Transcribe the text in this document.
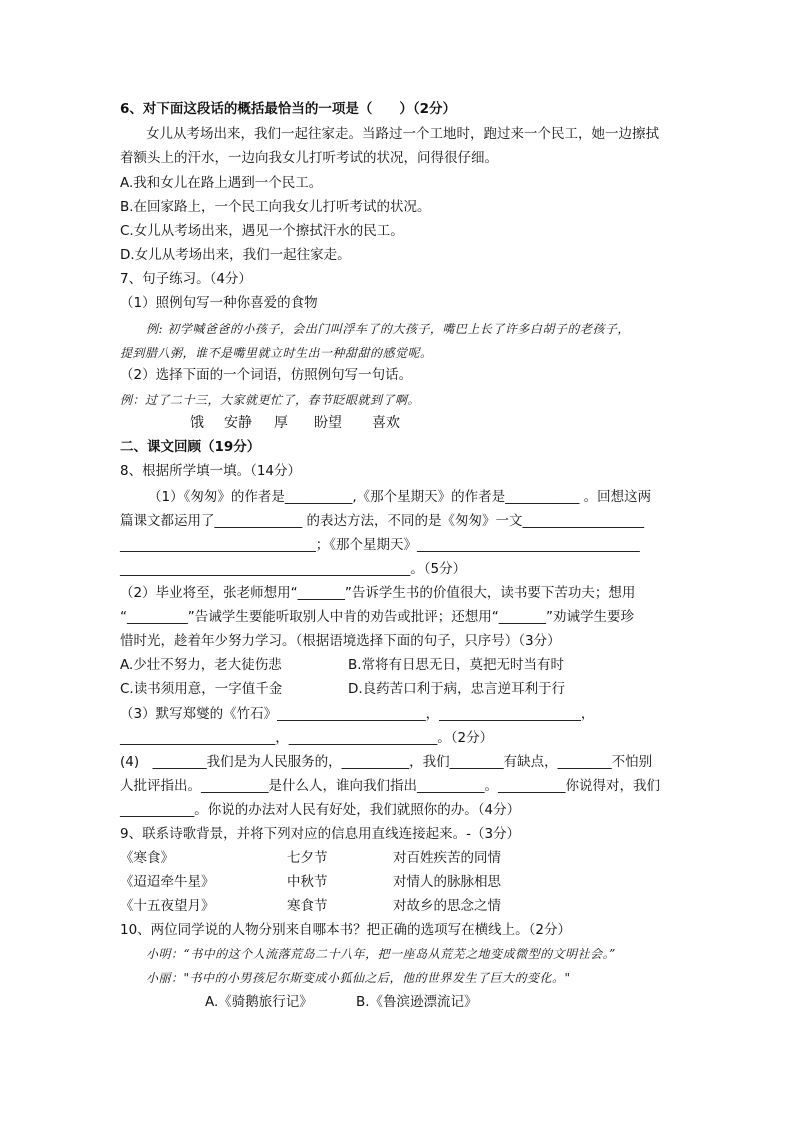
6、对下面这段话的概括最恰当的一项是（　　）（2分）
女儿从考场出来，我们一起往家走。当路过一个工地时，跑过来一个民工，她一边擦拭
着额头上的汗水，一边向我女儿打听考试的状况，问得很仔细。
A.我和女儿在路上遇到一个民工。
B.在回家路上，一个民工向我女儿打听考试的状况。
C.女儿从考场出来，遇见一个擦拭汗水的民工。
D.女儿从考场出来，我们一起往家走。
7、句子练习。（4分）
（1）照例句写一种你喜爱的食物
例: 初学喊爸爸的小孩子，会出门叫浮车了的大孩子，嘴巴上长了许多白胡子的老孩子，
提到腊八粥，谁不是嘴里就立时生出一种甜甜的感觉呢。
（2）选择下面的一个词语，仿照例句写一句话。
例：过了二十三，大家就更忙了，春节眨眼就到了啊。
饿 安静 厚 盼望 喜欢
二、课文回顾（19分）
8、根据所学填一填。（14分）
（1）《匆匆》的作者是__________,《那个星期天》的作者是___________ 。回想这两
篇课文都运用了_____________ 的表达方法，不同的是《匆匆》一文__________________
_____________________________；《那个星期天》_________________________________
___________________________________________。（5分）
（2）毕业将至，张老师想用“_______”告诉学生书的价值很大，读书要下苦功夫；想用
“_________”告诫学生要能听取别人中肯的劝告或批评；还想用“_______”劝诫学生要珍
惜时光，趁着年少努力学习。（根据语境选择下面的句子，只序号）（3分）
A.少壮不努力，老大徒伤悲	B.常将有日思无日，莫把无时当有时
C.读书须用意，一字值千金	D.良药苦口利于病，忠言逆耳利于行
（3）默写郑燮的《竹石》______________________，_____________________，
_______________________，______________________。（2分）
(4)　________我们是为人民服务的，__________，我们________有缺点，________不怕别
人批评指出。__________是什么人，谁向我们指出__________。__________你说得对，我们
___________。你说的办法对人民有好处，我们就照你的办。（4分）
9、联系诗歌背景，并将下列对应的信息用直线连接起来。-（3分）
《寒食》	七夕节	对百姓疾苦的同情
《迢迢牵牛星》	中秋节	对情人的脉脉相思
《十五夜望月》	寒食节	对故乡的思念之情
10、两位同学说的人物分别来自哪本书？把正确的选项写在横线上。（2分）
小明：“书中的这个人流落荒岛二十八年，把一座岛从荒芜之地变成微型的文明社会。”
小丽："书中的小男孩尼尔斯变成小狐仙之后，他的世界发生了巨大的变化。"
A.《骑鹅旅行记》	B.《鲁滨逊漂流记》
